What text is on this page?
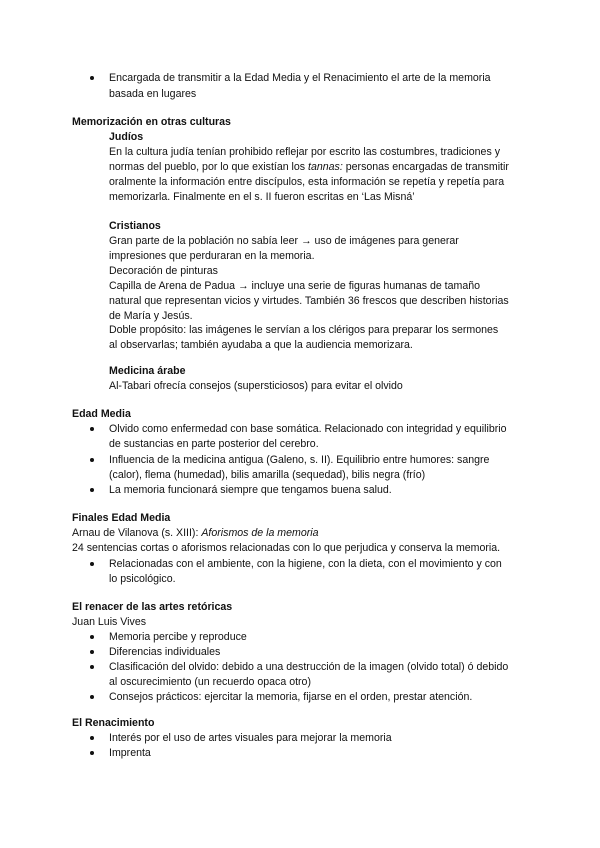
Encargada de transmitir a la Edad Media y el Renacimiento el arte de la memoria
basada en lugares
Memorización en otras culturas
Judíos
En la cultura judía tenían prohibido reflejar por escrito las costumbres, tradiciones y
normas del pueblo, por lo que existían los tannas: personas encargadas de transmitir
oralmente la información entre discípulos, esta información se repetía y repetía para
memorizarla. Finalmente en el s. II fueron escritas en ‘Las Misná’
Cristianos
Gran parte de la población no sabía leer → uso de imágenes para generar
impresiones que perduraran en la memoria.
Decoración de pinturas
Capilla de Arena de Padua → incluye una serie de figuras humanas de tamaño
natural que representan vicios y virtudes. También 36 frescos que describen historias
de María y Jesús.
Doble propósito: las imágenes le servían a los clérigos para preparar los sermones
al observarlas; también ayudaba a que la audiencia memorizara.
Medicina árabe
Al-Tabari ofrecía consejos (supersticiosos) para evitar el olvido
Edad Media
Olvido como enfermedad con base somática. Relacionado con integridad y equilibrio
de sustancias en parte posterior del cerebro.
Influencia de la medicina antigua (Galeno, s. II). Equilibrio entre humores: sangre
(calor), flema (humedad), bilis amarilla (sequedad), bilis negra (frío)
La memoria funcionará siempre que tengamos buena salud.
Finales Edad Media
Arnau de Vilanova (s. XIII): Aforismos de la memoria
24 sentencias cortas o aforismos relacionadas con lo que perjudica y conserva la memoria.
Relacionadas con el ambiente, con la higiene, con la dieta, con el movimiento y con
lo psicológico.
El renacer de las artes retóricas
Juan Luis Vives
Memoria percibe y reproduce
Diferencias individuales
Clasificación del olvido: debido a una destrucción de la imagen (olvido total) ó debido
al oscurecimiento (un recuerdo opaca otro)
Consejos prácticos: ejercitar la memoria, fijarse en el orden, prestar atención.
El Renacimiento
Interés por el uso de artes visuales para mejorar la memoria
Imprenta
